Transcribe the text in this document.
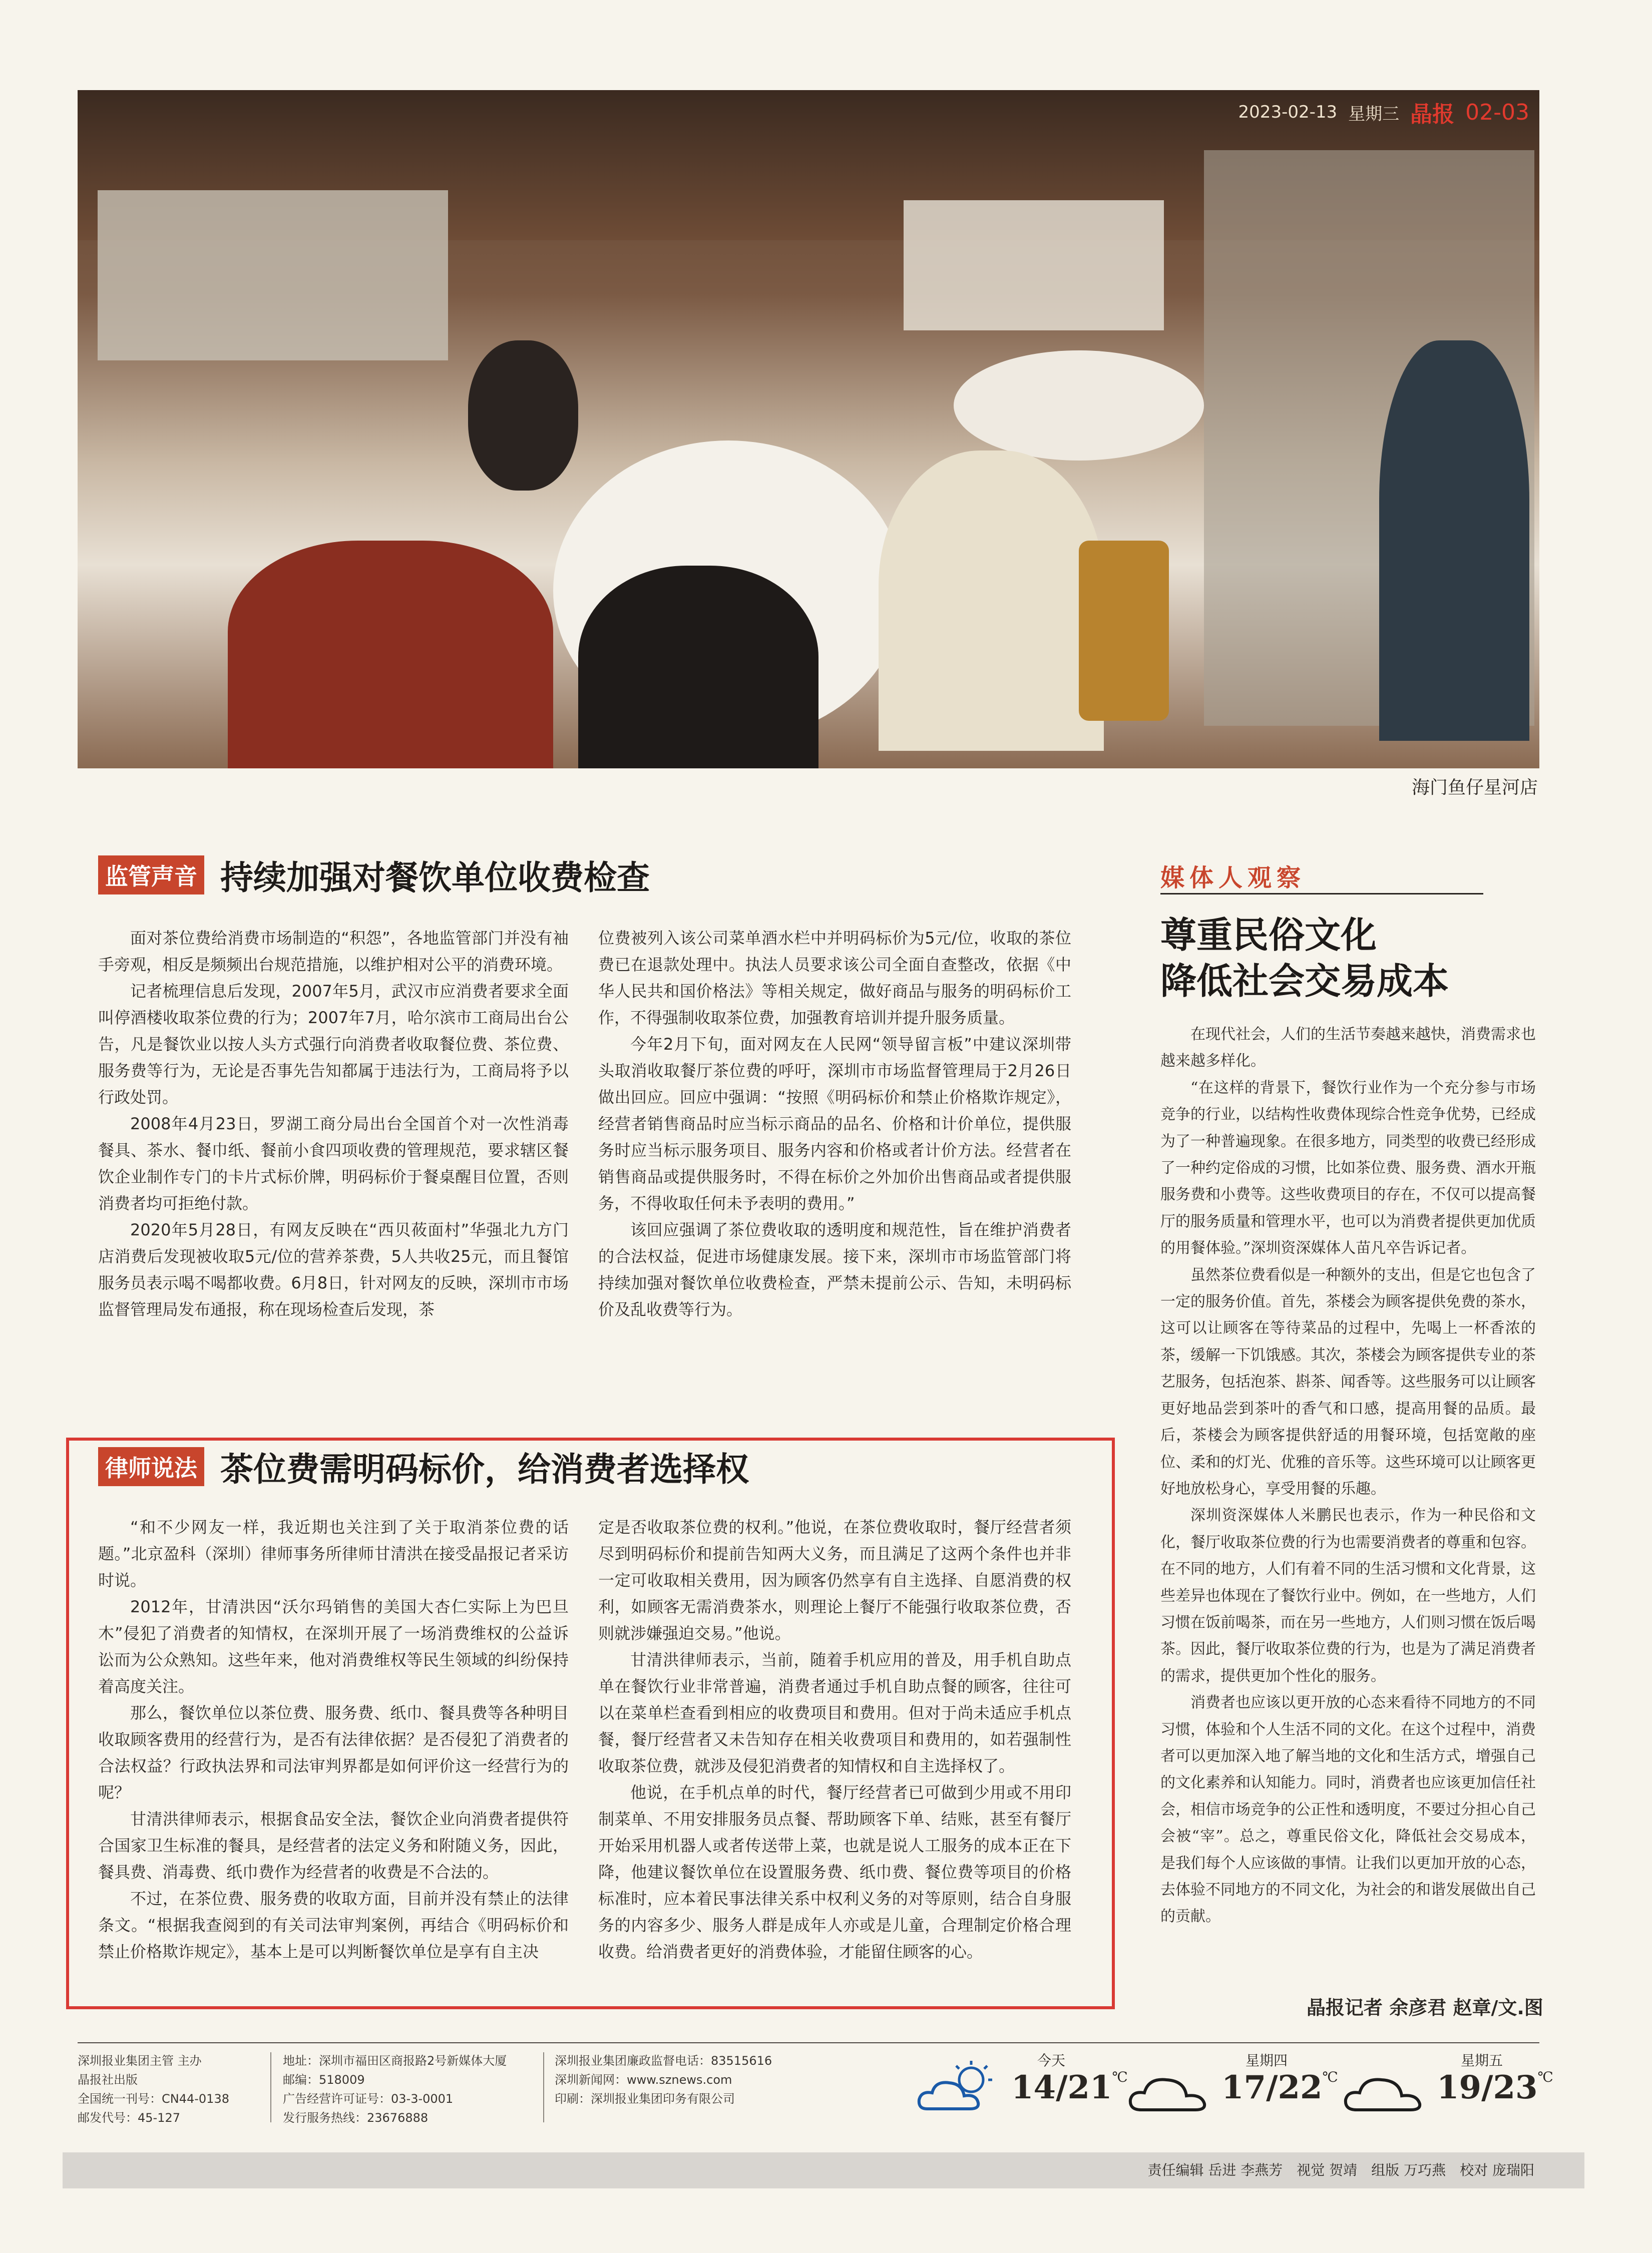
2023-02-13 星期三 晶报 02-03
海门鱼仔星河店
监管声音 持续加强对餐饮单位收费检查

面对茶位费给消费市场制造的“积怨”，各地监管部门并没有袖手旁观，相反是频频出台规范措施，以维护相对公平的消费环境。

记者梳理信息后发现，2007年5月，武汉市应消费者要求全面叫停酒楼收取茶位费的行为；2007年7月，哈尔滨市工商局出台公告，凡是餐饮业以按人头方式强行向消费者收取餐位费、茶位费、服务费等行为，无论是否事先告知都属于违法行为，工商局将予以行政处罚。

2008年4月23日，罗湖工商分局出台全国首个对一次性消毒餐具、茶水、餐巾纸、餐前小食四项收费的管理规范，要求辖区餐饮企业制作专门的卡片式标价牌，明码标价于餐桌醒目位置，否则消费者均可拒绝付款。

2020年5月28日，有网友反映在“西贝莜面村”华强北九方门店消费后发现被收取5元/位的营养茶费，5人共收25元，而且餐馆服务员表示喝不喝都收费。6月8日，针对网友的反映，深圳市市场监督管理局发布通报，称在现场检查后发现，茶

位费被列入该公司菜单酒水栏中并明码标价为5元/位，收取的茶位费已在退款处理中。执法人员要求该公司全面自查整改，依据《中华人民共和国价格法》等相关规定，做好商品与服务的明码标价工作，不得强制收取茶位费，加强教育培训并提升服务质量。

今年2月下旬，面对网友在人民网“领导留言板”中建议深圳带头取消收取餐厅茶位费的呼吁，深圳市市场监督管理局于2月26日做出回应。回应中强调：“按照《明码标价和禁止价格欺诈规定》，经营者销售商品时应当标示商品的品名、价格和计价单位，提供服务时应当标示服务项目、服务内容和价格或者计价方法。经营者在销售商品或提供服务时，不得在标价之外加价出售商品或者提供服务，不得收取任何未予表明的费用。”

该回应强调了茶位费收取的透明度和规范性，旨在维护消费者的合法权益，促进市场健康发展。接下来，深圳市市场监管部门将持续加强对餐饮单位收费检查，严禁未提前公示、告知，未明码标价及乱收费等行为。

律师说法 茶位费需明码标价，给消费者选择权

“和不少网友一样，我近期也关注到了关于取消茶位费的话题。”北京盈科（深圳）律师事务所律师甘清洪在接受晶报记者采访时说。

2012年，甘清洪因“沃尔玛销售的美国大杏仁实际上为巴旦木”侵犯了消费者的知情权，在深圳开展了一场消费维权的公益诉讼而为公众熟知。这些年来，他对消费维权等民生领域的纠纷保持着高度关注。

那么，餐饮单位以茶位费、服务费、纸巾、餐具费等各种明目收取顾客费用的经营行为，是否有法律依据？是否侵犯了消费者的合法权益？行政执法界和司法审判界都是如何评价这一经营行为的呢？

甘清洪律师表示，根据食品安全法，餐饮企业向消费者提供符合国家卫生标准的餐具，是经营者的法定义务和附随义务，因此，餐具费、消毒费、纸巾费作为经营者的收费是不合法的。

不过，在茶位费、服务费的收取方面，目前并没有禁止的法律条文。“根据我查阅到的有关司法审判案例，再结合《明码标价和禁止价格欺诈规定》，基本上是可以判断餐饮单位是享有自主决

定是否收取茶位费的权利。”他说，在茶位费收取时，餐厅经营者须尽到明码标价和提前告知两大义务，而且满足了这两个条件也并非一定可收取相关费用，因为顾客仍然享有自主选择、自愿消费的权利，如顾客无需消费茶水，则理论上餐厅不能强行收取茶位费，否则就涉嫌强迫交易。”他说。

甘清洪律师表示，当前，随着手机应用的普及，用手机自助点单在餐饮行业非常普遍，消费者通过手机自助点餐的顾客，往往可以在菜单栏查看到相应的收费项目和费用。但对于尚未适应手机点餐，餐厅经营者又未告知存在相关收费项目和费用的，如若强制性收取茶位费，就涉及侵犯消费者的知情权和自主选择权了。

他说，在手机点单的时代，餐厅经营者已可做到少用或不用印制菜单、不用安排服务员点餐、帮助顾客下单、结账，甚至有餐厅开始采用机器人或者传送带上菜，也就是说人工服务的成本正在下降，他建议餐饮单位在设置服务费、纸巾费、餐位费等项目的价格标准时，应本着民事法律关系中权利义务的对等原则，结合自身服务的内容多少、服务人群是成年人亦或是儿童，合理制定价格合理收费。给消费者更好的消费体验，才能留住顾客的心。

媒体人观察
尊重民俗文化
降低社会交易成本

在现代社会，人们的生活节奏越来越快，消费需求也越来越多样化。

“在这样的背景下，餐饮行业作为一个充分参与市场竞争的行业，以结构性收费体现综合性竞争优势，已经成为了一种普遍现象。在很多地方，同类型的收费已经形成了一种约定俗成的习惯，比如茶位费、服务费、酒水开瓶服务费和小费等。这些收费项目的存在，不仅可以提高餐厅的服务质量和管理水平，也可以为消费者提供更加优质的用餐体验。”深圳资深媒体人苗凡卒告诉记者。

虽然茶位费看似是一种额外的支出，但是它也包含了一定的服务价值。首先，茶楼会为顾客提供免费的茶水，这可以让顾客在等待菜品的过程中，先喝上一杯香浓的茶，缓解一下饥饿感。其次，茶楼会为顾客提供专业的茶艺服务，包括泡茶、斟茶、闻香等。这些服务可以让顾客更好地品尝到茶叶的香气和口感，提高用餐的品质。最后，茶楼会为顾客提供舒适的用餐环境，包括宽敞的座位、柔和的灯光、优雅的音乐等。这些环境可以让顾客更好地放松身心，享受用餐的乐趣。

深圳资深媒体人米鹏民也表示，作为一种民俗和文化，餐厅收取茶位费的行为也需要消费者的尊重和包容。在不同的地方，人们有着不同的生活习惯和文化背景，这些差异也体现在了餐饮行业中。例如，在一些地方，人们习惯在饭前喝茶，而在另一些地方，人们则习惯在饭后喝茶。因此，餐厅收取茶位费的行为，也是为了满足消费者的需求，提供更加个性化的服务。

消费者也应该以更开放的心态来看待不同地方的不同习惯，体验和个人生活不同的文化。在这个过程中，消费者可以更加深入地了解当地的文化和生活方式，增强自己的文化素养和认知能力。同时，消费者也应该更加信任社会，相信市场竞争的公正性和透明度，不要过分担心自己会被“宰”。总之，尊重民俗文化，降低社会交易成本，是我们每个人应该做的事情。让我们以更加开放的心态，去体验不同地方的不同文化，为社会的和谐发展做出自己的贡献。

晶报记者 余彦君 赵章/文.图
深圳报业集团主管 主办
晶报社出版
全国统一刊号：CN44-0138
邮发代号：45-127
地址：深圳市福田区商报路2号新媒体大厦
邮编：518009
广告经营许可证号：03-3-0001
发行服务热线：23676888
深圳报业集团廉政监督电话：83515616
深圳新闻网：www.sznews.com
印刷：深圳报业集团印务有限公司
今天
14/21℃
星期四
17/22℃
星期五
19/23℃
责任编辑 岳进 李燕芳　视觉 贺靖　组版 万巧燕　校对 庞瑞阳
